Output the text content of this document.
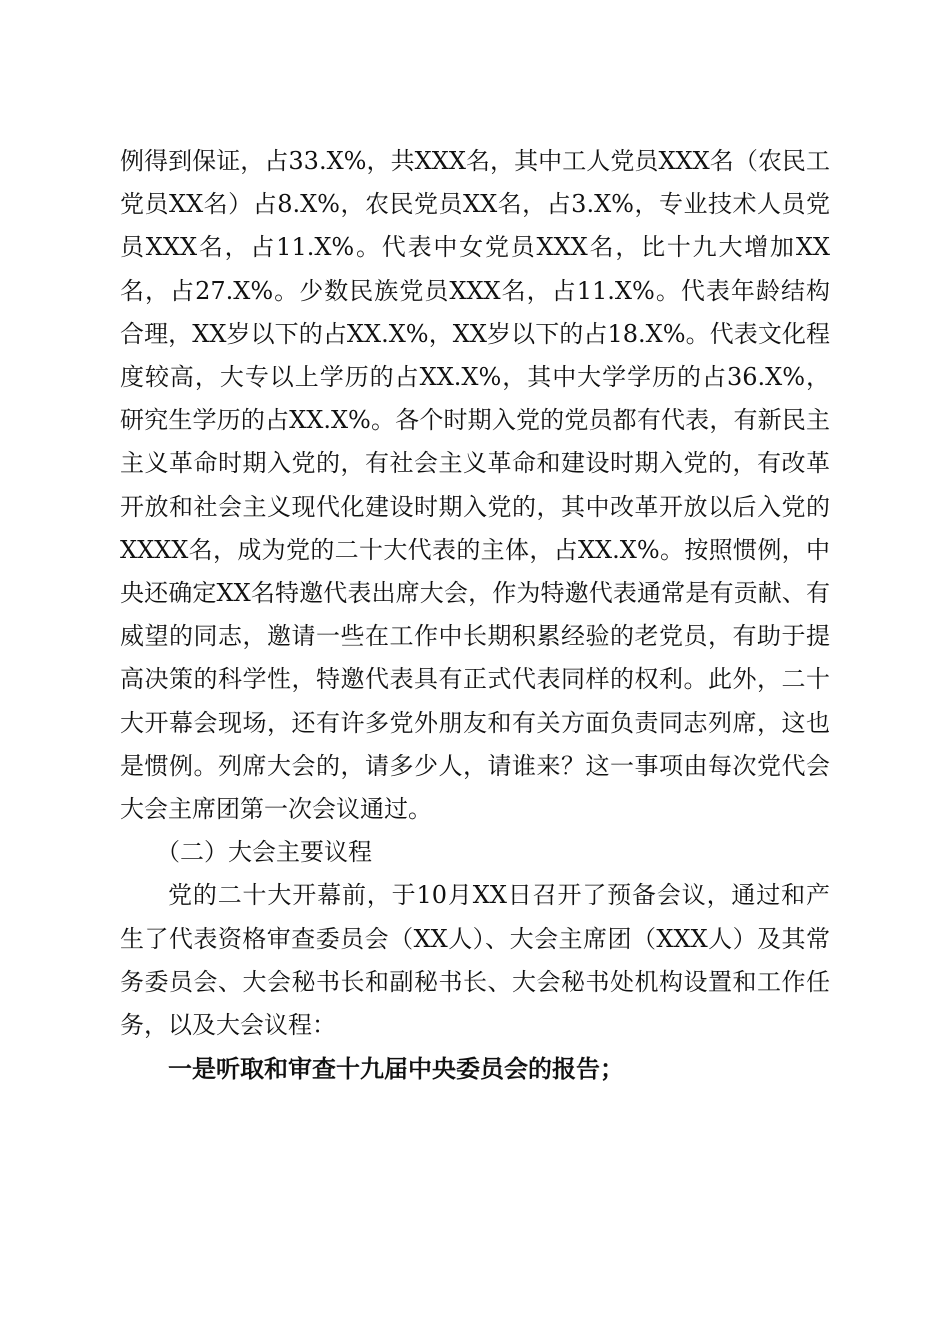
例得到保证，占33.X%，共XXX名，其中工人党员XXX名（农民工党员XX名）占8.X%，农民党员XX名，占3.X%，专业技术人员党员XXX名，占11.X%。代表中女党员XXX名，比十九大增加XX名，占27.X%。少数民族党员XXX名，占11.X%。代表年龄结构合理，XX岁以下的占XX.X%，XX岁以下的占18.X%。代表文化程度较高，大专以上学历的占XX.X%，其中大学学历的占36.X%，研究生学历的占XX.X%。各个时期入党的党员都有代表，有新民主主义革命时期入党的，有社会主义革命和建设时期入党的，有改革开放和社会主义现代化建设时期入党的，其中改革开放以后入党的XXXX名，成为党的二十大代表的主体，占XX.X%。按照惯例，中央还确定XX名特邀代表出席大会，作为特邀代表通常是有贡献、有威望的同志，邀请一些在工作中长期积累经验的老党员，有助于提高决策的科学性，特邀代表具有正式代表同样的权利。此外，二十大开幕会现场，还有许多党外朋友和有关方面负责同志列席，这也是惯例。列席大会的，请多少人，请谁来？这一事项由每次党代会大会主席团第一次会议通过。

（二）大会主要议程

党的二十大开幕前，于10月XX日召开了预备会议，通过和产生了代表资格审查委员会（XX人）、大会主席团（XXX人）及其常务委员会、大会秘书长和副秘书长、大会秘书处机构设置和工作任务，以及大会议程：

一是听取和审查十九届中央委员会的报告；
